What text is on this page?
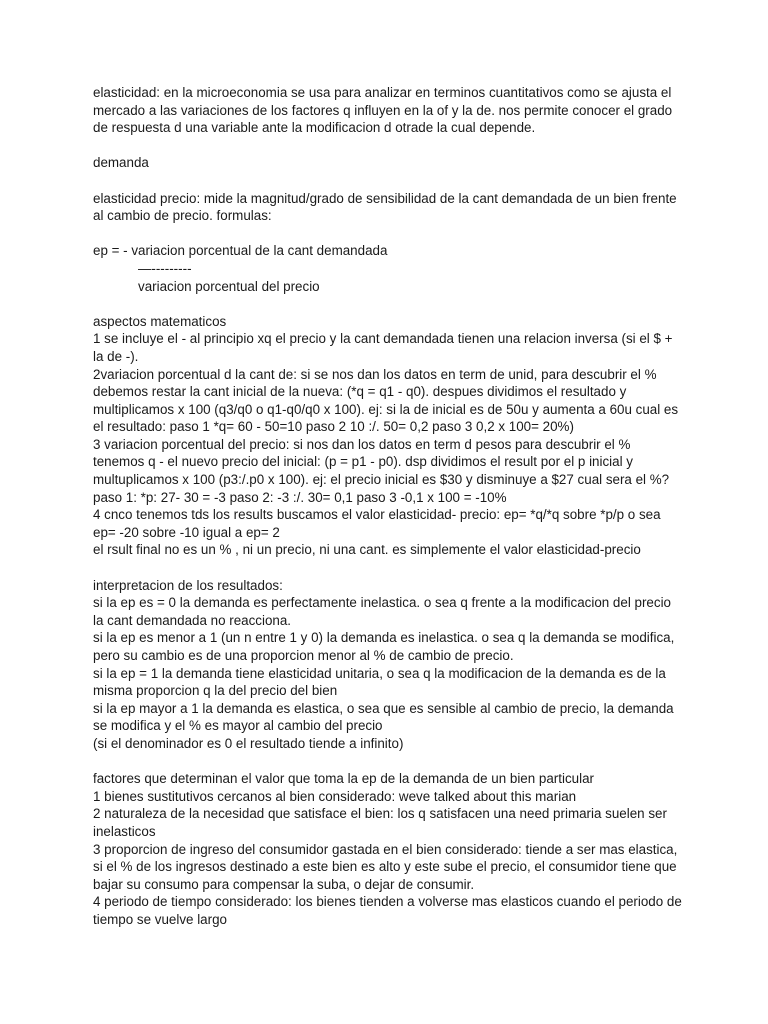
elasticidad: en la microeconomia se usa para analizar en terminos cuantitativos como se ajusta el mercado a las variaciones de los factores q influyen en la of y la de. nos permite conocer el grado de respuesta d una variable ante la modificacion d otrade la cual depende.

demanda

elasticidad precio: mide la magnitud/grado de sensibilidad de la cant demandada de un bien frente al cambio de precio. formulas:

ep = - variacion porcentual de la cant demandada

—---------

variacion porcentual del precio

aspectos matematicos

1 se incluye el - al principio xq el precio y la cant demandada tienen una relacion inversa (si el $ + la de -).

2variacion porcentual d la cant de: si se nos dan los datos en term de unid, para descubrir el % debemos restar la cant inicial de la nueva: (*q = q1 - q0). despues dividimos el resultado y multiplicamos x 100 (q3/q0 o q1-q0/q0 x 100). ej: si la de inicial es de 50u y aumenta a 60u cual es el resultado: paso 1 *q= 60 - 50=10 paso 2 10 :/. 50= 0,2 paso 3 0,2 x 100= 20%)

3 variacion porcentual del precio: si nos dan los datos en term d pesos para descubrir el % tenemos q - el nuevo precio del inicial: (p = p1 - p0). dsp dividimos el result por el p inicial y multuplicamos x 100 (p3:/.p0 x 100). ej: el precio inicial es $30 y disminuye a $27 cual sera el %? paso 1: *p: 27- 30 = -3 paso 2: -3 :/. 30= 0,1 paso 3 -0,1 x 100 = -10%

4 cnco tenemos tds los results buscamos el valor elasticidad- precio: ep= *q/*q sobre *p/p o sea ep= -20 sobre -10 igual a ep= 2

el rsult final no es un % , ni un precio, ni una cant. es simplemente el valor elasticidad-precio

interpretacion de los resultados:

si la ep es = 0 la demanda es perfectamente inelastica. o sea q frente a la modificacion del precio la cant demandada no reacciona.

si la ep es menor a 1 (un n entre 1 y 0) la demanda es inelastica. o sea q la demanda se modifica, pero su cambio es de una proporcion menor al % de cambio de precio.

si la ep = 1 la demanda tiene elasticidad unitaria, o sea q la modificacion de la demanda es de la misma proporcion q la del precio del bien

si la ep mayor a 1 la demanda es elastica, o sea que es sensible al cambio de precio, la demanda se modifica y el % es mayor al cambio del precio

(si el denominador es 0 el resultado tiende a infinito)

factores que determinan el valor que toma la ep de la demanda de un bien particular

1 bienes sustitutivos cercanos al bien considerado: weve talked about this marian

2 naturaleza de la necesidad que satisface el bien: los q satisfacen una need primaria suelen ser inelasticos

3 proporcion de ingreso del consumidor gastada en el bien considerado: tiende a ser mas elastica, si el % de los ingresos destinado a este bien es alto y este sube el precio, el consumidor tiene que bajar su consumo para compensar la suba, o dejar de consumir.

4 periodo de tiempo considerado: los bienes tienden a volverse mas elasticos cuando el periodo de tiempo se vuelve largo
